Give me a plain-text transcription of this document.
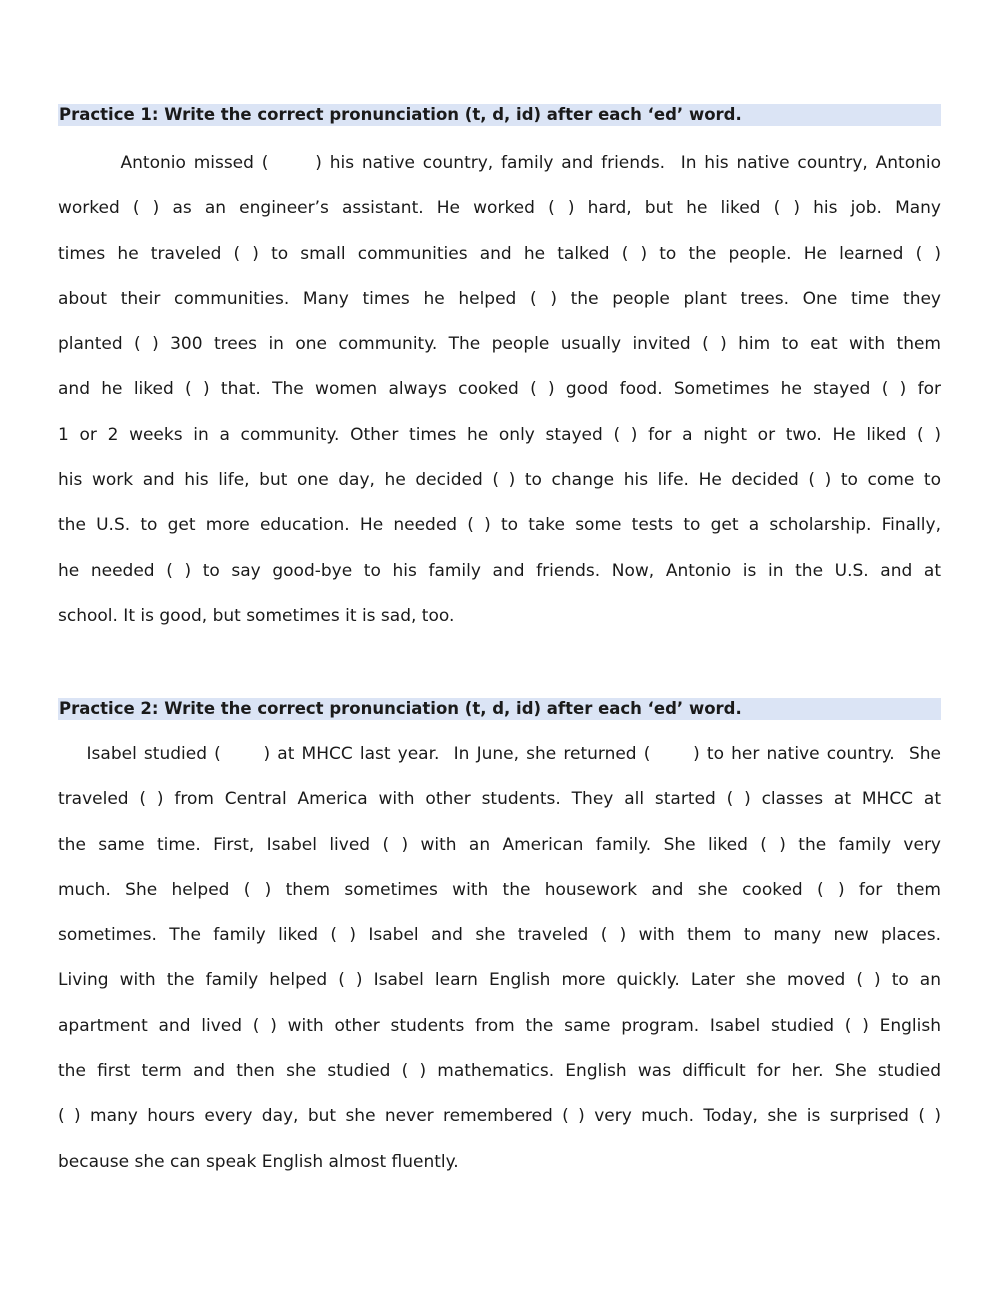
Practice 1: Write the correct pronunciation (t, d, id) after each ‘ed’ word.
Antonio missed (      ) his native country, family and friends.  In his native country, Antonio
worked ( ) as an engineer’s assistant. He worked ( ) hard, but he liked ( ) his job. Many
times he traveled ( ) to small communities and he talked ( ) to the people. He learned ( )
about their communities. Many times he helped ( ) the people plant trees. One time they
planted ( ) 300 trees in one community. The people usually invited ( ) him to eat with them
and he liked ( ) that. The women always cooked ( ) good food. Sometimes he stayed ( ) for
1 or 2 weeks in a community. Other times he only stayed ( ) for a night or two. He liked ( )
his work and his life, but one day, he decided ( ) to change his life. He decided ( ) to come to
the U.S. to get more education. He needed ( ) to take some tests to get a scholarship. Finally,
he needed ( ) to say good-bye to his family and friends. Now, Antonio is in the U.S. and at
school. It is good, but sometimes it is sad, too.
Practice 2: Write the correct pronunciation (t, d, id) after each ‘ed’ word.
Isabel studied (      ) at MHCC last year.  In June, she returned (      ) to her native country.  She
traveled ( ) from Central America with other students. They all started ( ) classes at MHCC at
the same time. First, Isabel lived ( ) with an American family. She liked ( ) the family very
much. She helped ( ) them sometimes with the housework and she cooked ( ) for them
sometimes. The family liked ( ) Isabel and she traveled ( ) with them to many new places.
Living with the family helped ( ) Isabel learn English more quickly. Later she moved ( ) to an
apartment and lived ( ) with other students from the same program. Isabel studied ( ) English
the first term and then she studied ( ) mathematics. English was difficult for her. She studied
( ) many hours every day, but she never remembered ( ) very much. Today, she is surprised ( )
because she can speak English almost fluently.
